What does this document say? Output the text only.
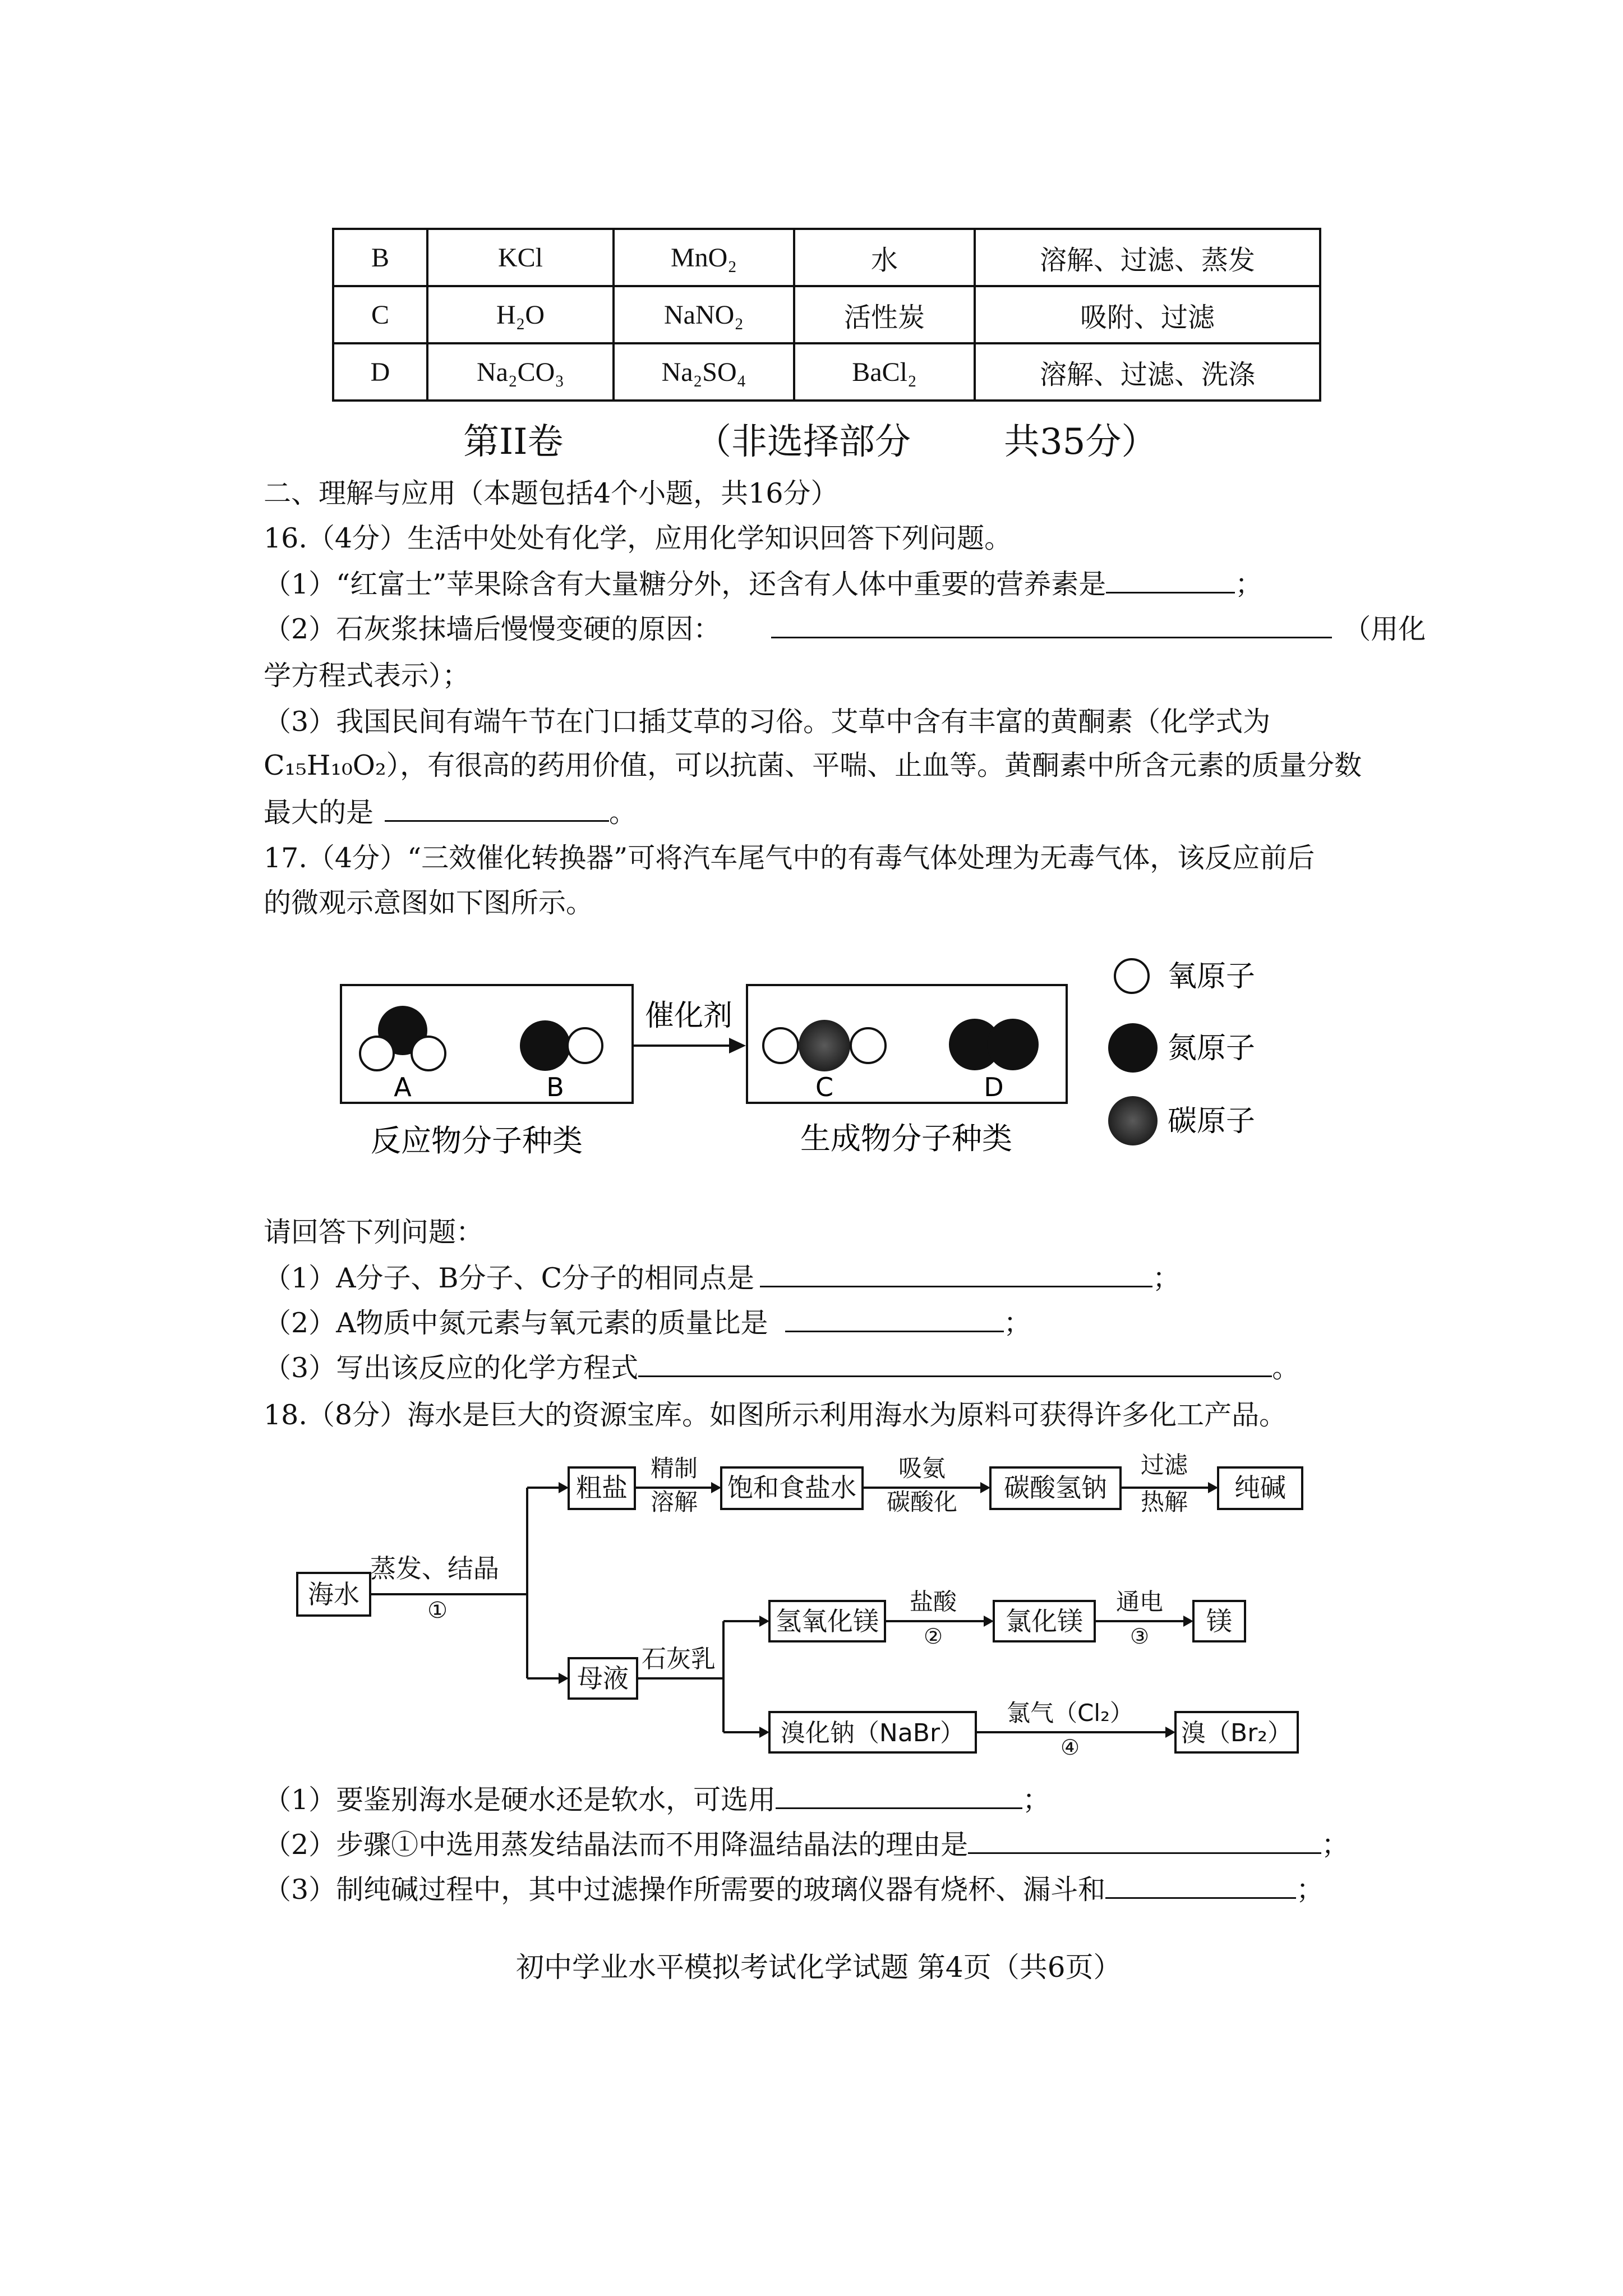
B	KCl	MnO₂	水	溶解、过滤、蒸发
C	H₂O	NaNO₂	活性炭	吸附、过滤
D	Na₂CO₃	Na₂SO₄	BaCl₂	溶解、过滤、洗涤
第II卷	（非选择部分	共35分）
二、理解与应用（本题包括4个小题，共16分）
16.（4分）生活中处处有化学，应用化学知识回答下列问题。
（1）“红富士”苹果除含有大量糖分外，还含有人体中重要的营养素是	；
（2）石灰浆抹墙后慢慢变硬的原因：	（用化
学方程式表示）；
（3）我国民间有端午节在门口插艾草的习俗。艾草中含有丰富的黄酮素（化学式为
C₁₅H₁₀O₂），有很高的药用价值，可以抗菌、平喘、止血等。黄酮素中所含元素的质量分数
最大的是	。
17.（4分）“三效催化转换器”可将汽车尾气中的有毒气体处理为无毒气体，该反应前后
的微观示意图如下图所示。
A	B
催化剂
C	D
反应物分子种类	生成物分子种类
氧原子
氮原子
碳原子
请回答下列问题：
（1）A分子、B分子、C分子的相同点是	；
（2）A物质中氮元素与氧元素的质量比是	；
（3）写出该反应的化学方程式	。
18.（8分）海水是巨大的资源宝库。如图所示利用海水为原料可获得许多化工产品。
海水
蒸发、结晶
①
粗盐
精制
溶解 饱和食盐水
吸氨
碳酸化 碳酸氢钠
过滤
热解 纯碱
母液
石灰乳
氢氧化镁
盐酸
② 氯化镁
通电
③ 镁
溴化钠（NaBr）
氯气（Cl₂）
④	溴（Br₂）
（1）要鉴别海水是硬水还是软水，可选用	；
（2）步骤①中选用蒸发结晶法而不用降温结晶法的理由是	；
（3）制纯碱过程中，其中过滤操作所需要的玻璃仪器有烧杯、漏斗和	；
初中学业水平模拟考试化学试题 第4页（共6页）
